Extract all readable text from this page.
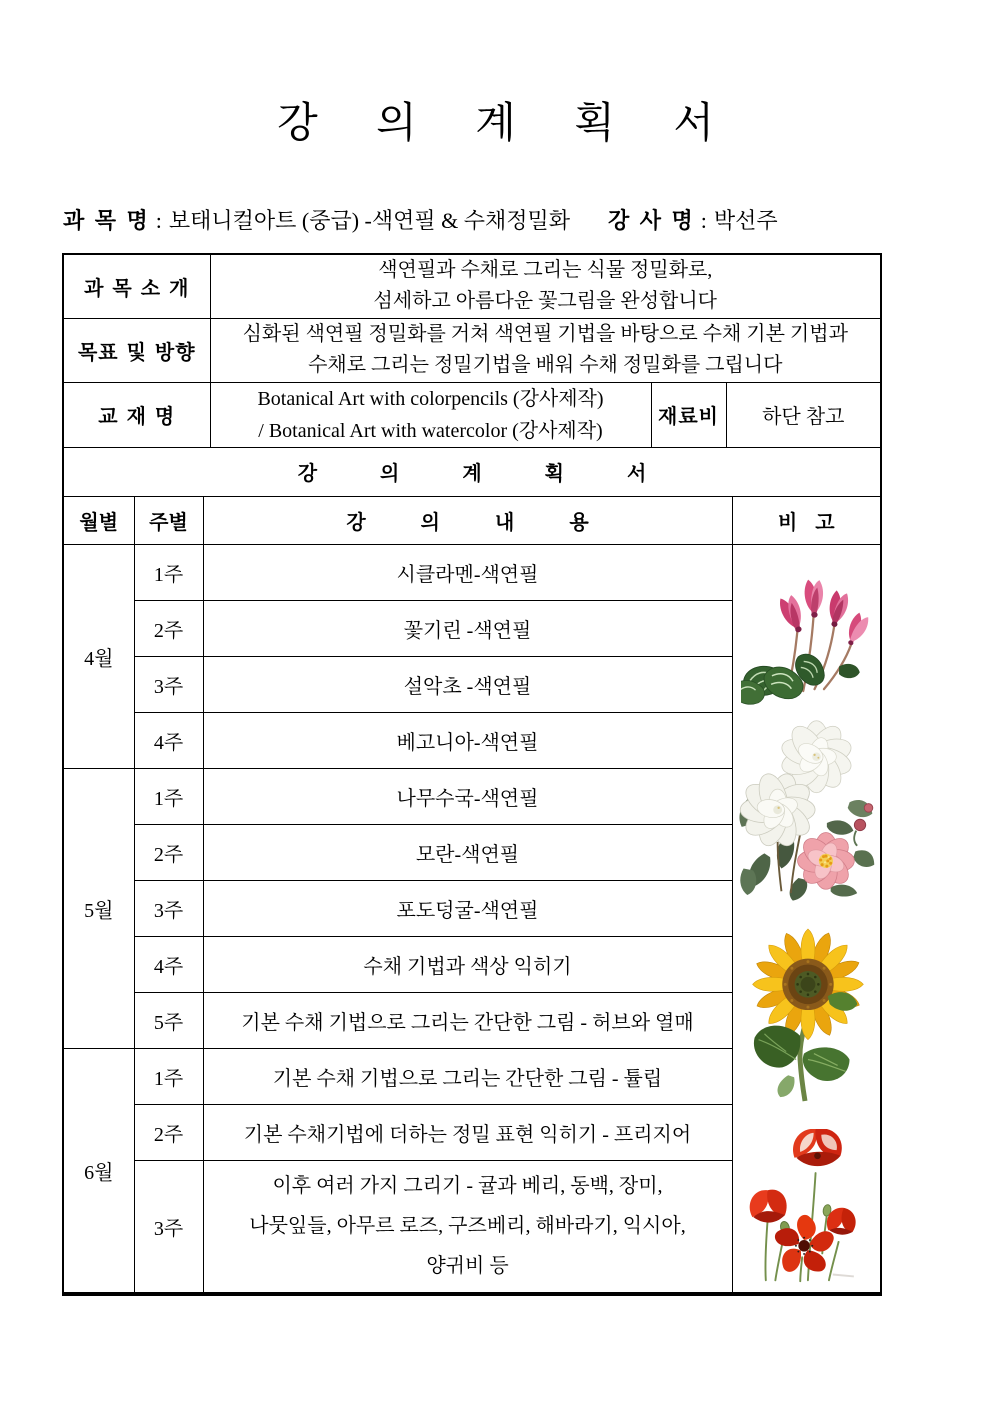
강 의 계 획 서
과 목 명 : 보태니컬아트 (중급) -색연필 & 수채정밀화 강 사 명 : 박선주
과 목 소 개			색연필과 수채로 그리는 식물 정밀화로,
섬세하고 아름다운 꽃그림을 완성합니다			

목표 및 방향			심화된 색연필 정밀화를 거쳐 색연필 기법을 바탕으로 수채 기본 기법과
수채로 그리는 정밀기법을 배워 수채 정밀화를 그립니다			

교 재 명			Botanical Art with colorpencils (강사제작)
/ Botanical Art with watercolor (강사제작)	재료비	하단 참고	
강 의 계 획 서						
월별	주별	강 의 내 용				비 고
4월	1주	시클라멘-색연필	

	2주	꽃기린 -색연필				
	3주	설악초 -색연필				
	4주	베고니아-색연필				
5월	1주	나무수국-색연필				
	2주	모란-색연필				
	3주	포도덩굴-색연필				
	4주	수채 기법과 색상 익히기				
	5주	기본 수채 기법으로 그리는 간단한 그림 - 허브와 열매				
6월	1주	기본 수채 기법으로 그리는 간단한 그림 - 튤립				
	2주	기본 수채기법에 더하는 정밀 표현 익히기 - 프리지어				
	3주	이후 여러 가지 그리기 - 귤과 베리, 동백, 장미,
나뭇잎들, 아무르 로즈, 구즈베리, 해바라기, 익시아,
양귀비 등				
